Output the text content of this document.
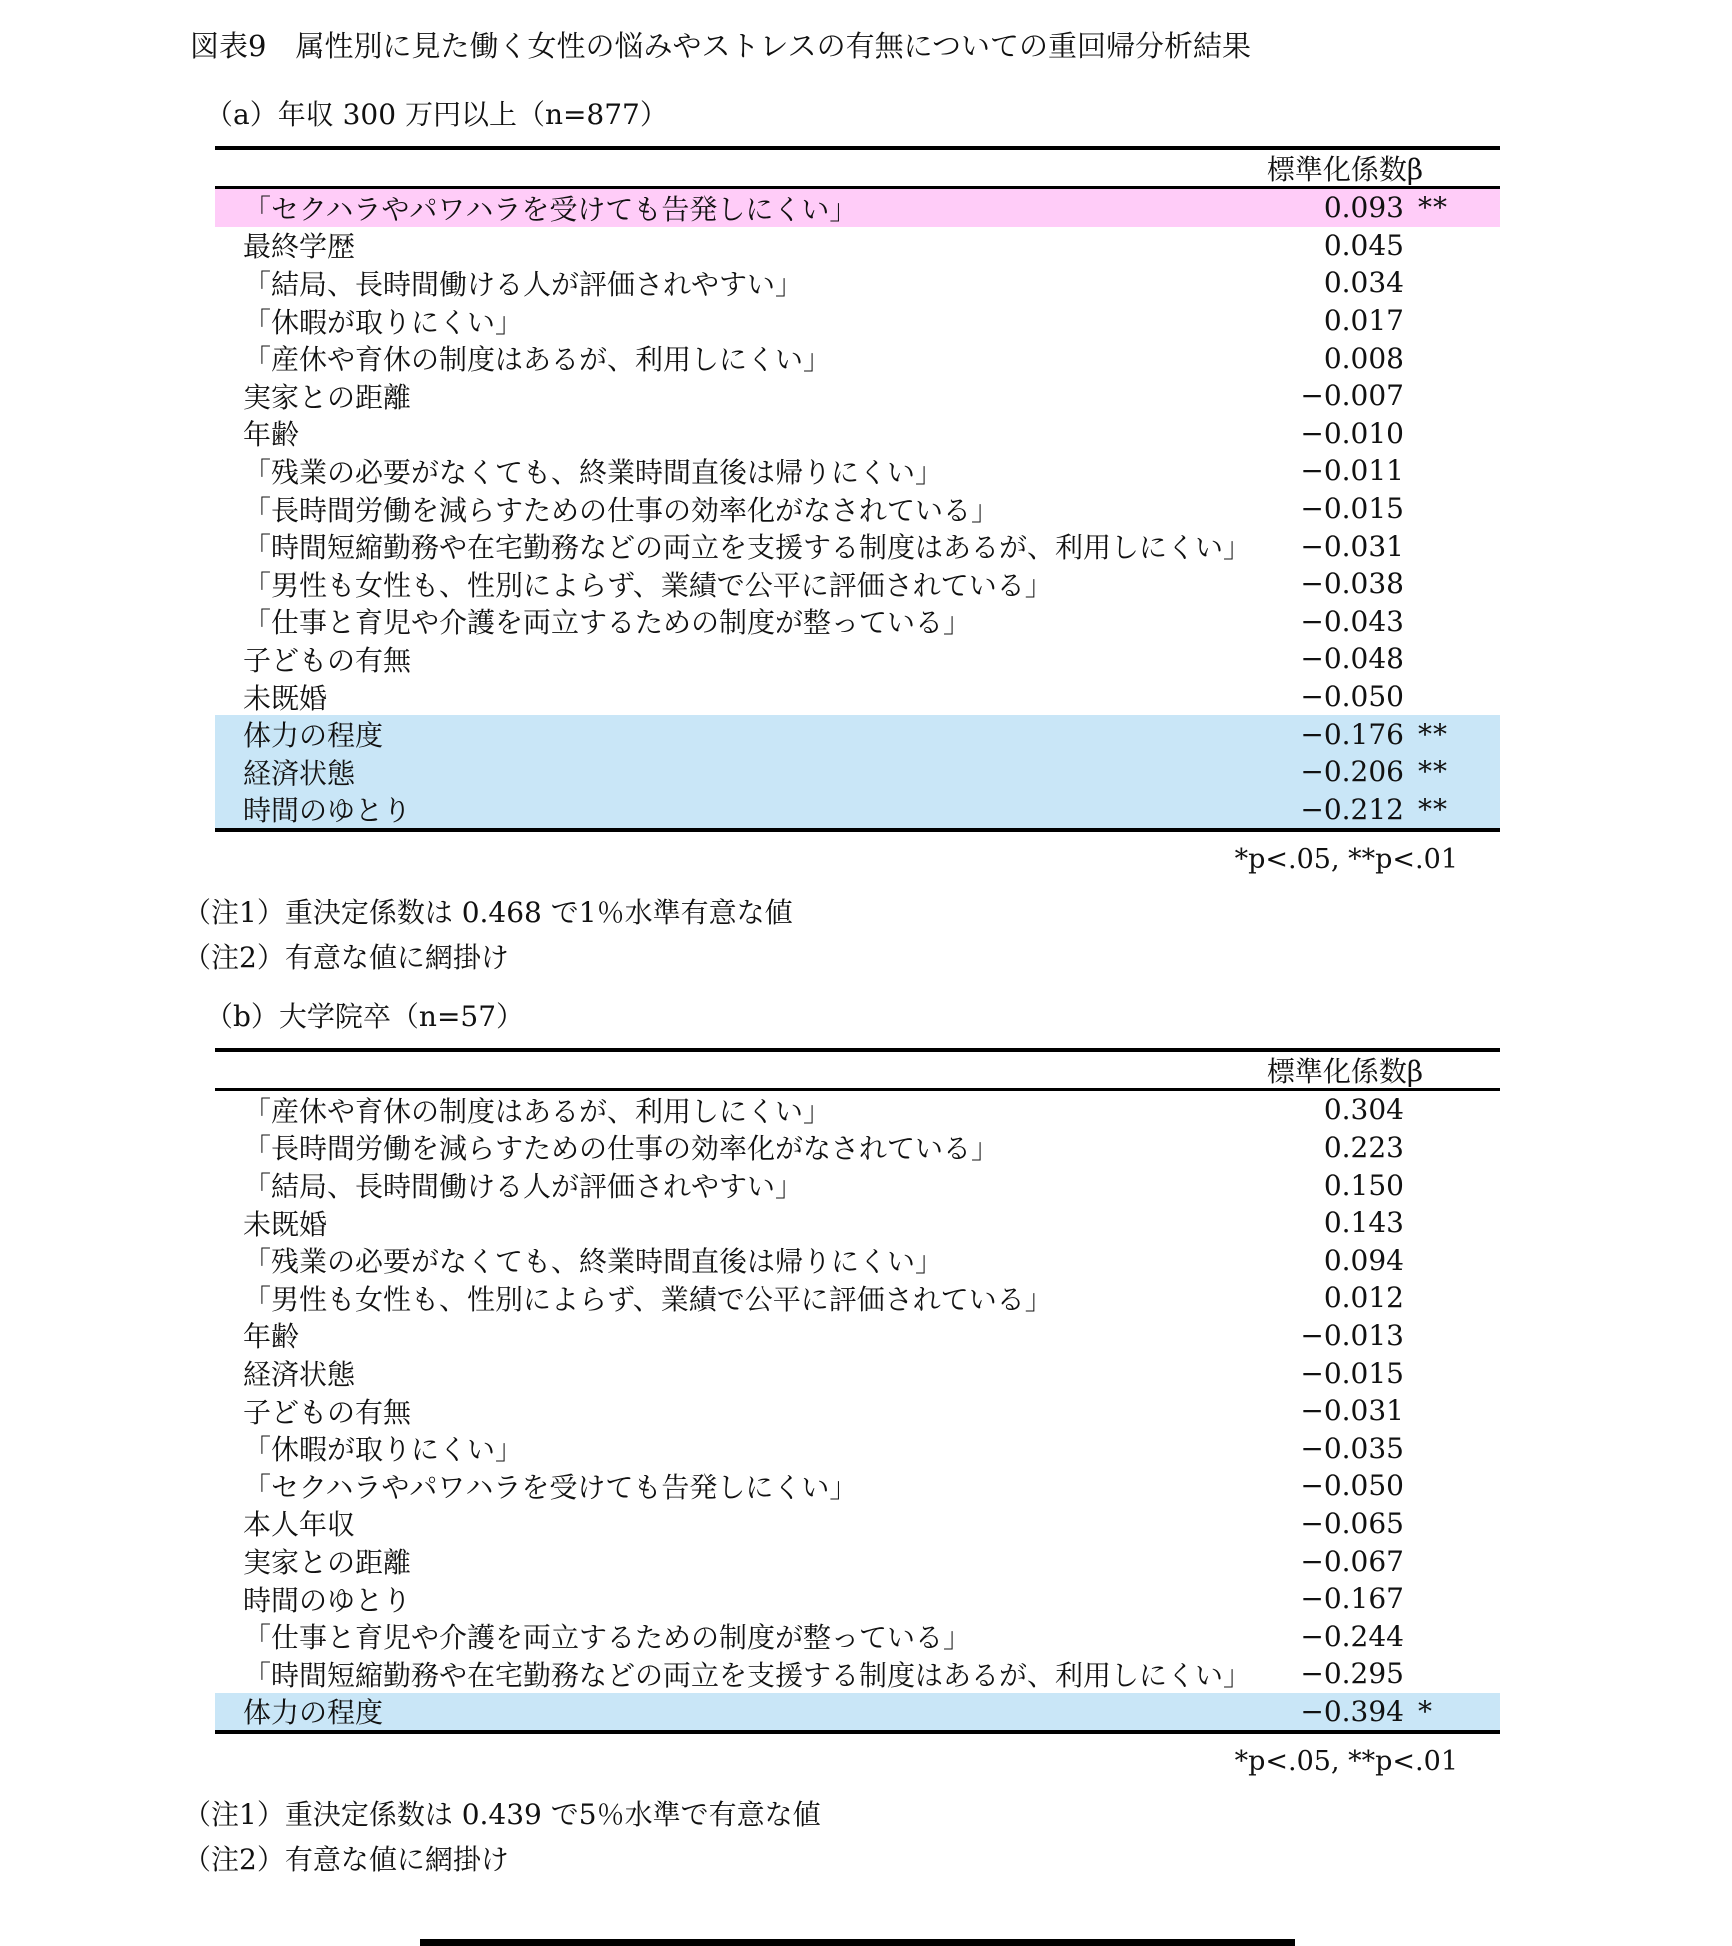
図表9　属性別に見た働く女性の悩みやストレスの有無についての重回帰分析結果
（a）年収 300 万円以上（n=877）
標準化係数β
「セクハラやパワハラを受けても告発しにくい」	0.093 **
最終学歴	0.045
「結局、長時間働ける人が評価されやすい」	0.034
「休暇が取りにくい」	0.017
「産休や育休の制度はあるが、利用しにくい」	0.008
実家との距離	−0.007
年齢	−0.010
「残業の必要がなくても、終業時間直後は帰りにくい」	−0.011
「長時間労働を減らすための仕事の効率化がなされている」	−0.015
「時間短縮勤務や在宅勤務などの両立を支援する制度はあるが、利用しにくい」	−0.031
「男性も女性も、性別によらず、業績で公平に評価されている」	−0.038
「仕事と育児や介護を両立するための制度が整っている」	−0.043
子どもの有無	−0.048
未既婚	−0.050
体力の程度	−0.176 **
経済状態	−0.206 **
時間のゆとり	−0.212 **
*p<.05, **p<.01
（注1）重決定係数は 0.468 で1％水準有意な値
（注2）有意な値に網掛け
（b）大学院卒（n=57）
標準化係数β
「産休や育休の制度はあるが、利用しにくい」	0.304
「長時間労働を減らすための仕事の効率化がなされている」	0.223
「結局、長時間働ける人が評価されやすい」	0.150
未既婚	0.143
「残業の必要がなくても、終業時間直後は帰りにくい」	0.094
「男性も女性も、性別によらず、業績で公平に評価されている」	0.012
年齢	−0.013
経済状態	−0.015
子どもの有無	−0.031
「休暇が取りにくい」	−0.035
「セクハラやパワハラを受けても告発しにくい」	−0.050
本人年収	−0.065
実家との距離	−0.067
時間のゆとり	−0.167
「仕事と育児や介護を両立するための制度が整っている」	−0.244
「時間短縮勤務や在宅勤務などの両立を支援する制度はあるが、利用しにくい」	−0.295
体力の程度	−0.394 *
*p<.05, **p<.01
（注1）重決定係数は 0.439 で5％水準で有意な値
（注2）有意な値に網掛け
